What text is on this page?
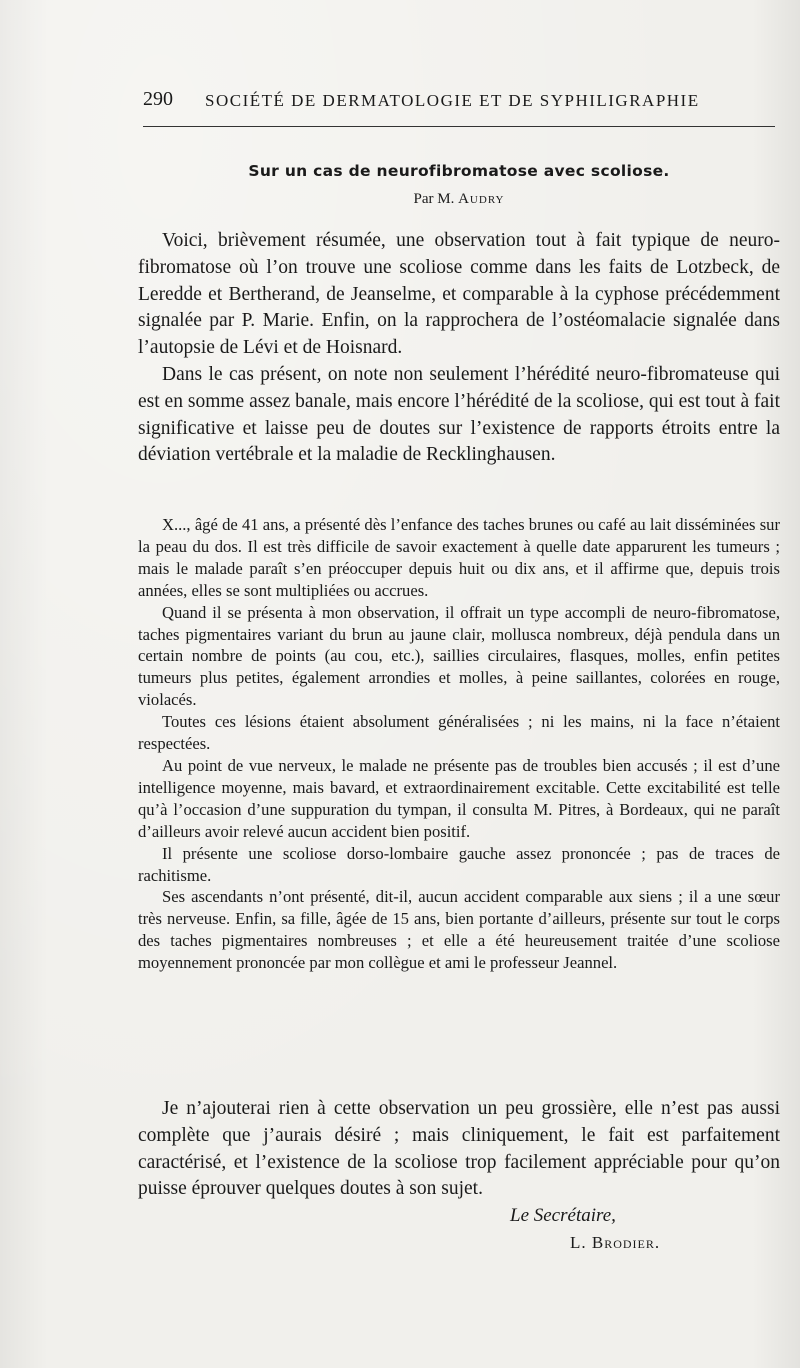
290 SOCIÉTÉ DE DERMATOLOGIE ET DE SYPHILIGRAPHIE
Sur un cas de neurofibromatose avec scoliose.
Par M. Audry

Voici, brièvement résumée, une observation tout à fait typique de neuro-fibromatose où l’on trouve une scoliose comme dans les faits de Lotzbeck, de Leredde et Bertherand, de Jeanselme, et comparable à la cyphose précédemment signalée par P. Marie. Enfin, on la rapprochera de l’ostéomalacie signalée dans l’autopsie de Lévi et de Hoisnard.

Dans le cas présent, on note non seulement l’hérédité neuro-fibromateuse qui est en somme assez banale, mais encore l’hérédité de la scoliose, qui est tout à fait significative et laisse peu de doutes sur l’existence de rapports étroits entre la déviation vertébrale et la maladie de Recklinghausen.

X..., âgé de 41 ans, a présenté dès l’enfance des taches brunes ou café au lait disséminées sur la peau du dos. Il est très difficile de savoir exactement à quelle date apparurent les tumeurs ; mais le malade paraît s’en préoccuper depuis huit ou dix ans, et il affirme que, depuis trois années, elles se sont multipliées ou accrues.

Quand il se présenta à mon observation, il offrait un type accompli de neuro-fibromatose, taches pigmentaires variant du brun au jaune clair, mollusca nombreux, déjà pendula dans un certain nombre de points (au cou, etc.), saillies circulaires, flasques, molles, enfin petites tumeurs plus petites, également arrondies et molles, à peine saillantes, colorées en rouge, violacés.

Toutes ces lésions étaient absolument généralisées ; ni les mains, ni la face n’étaient respectées.

Au point de vue nerveux, le malade ne présente pas de troubles bien accusés ; il est d’une intelligence moyenne, mais bavard, et extraordinairement excitable. Cette excitabilité est telle qu’à l’occasion d’une suppuration du tympan, il consulta M. Pitres, à Bordeaux, qui ne paraît d’ailleurs avoir relevé aucun accident bien positif.

Il présente une scoliose dorso-lombaire gauche assez prononcée ; pas de traces de rachitisme.

Ses ascendants n’ont présenté, dit-il, aucun accident comparable aux siens ; il a une sœur très nerveuse. Enfin, sa fille, âgée de 15 ans, bien portante d’ailleurs, présente sur tout le corps des taches pigmentaires nombreuses ; et elle a été heureusement traitée d’une scoliose moyennement prononcée par mon collègue et ami le professeur Jeannel.

Je n’ajouterai rien à cette observation un peu grossière, elle n’est pas aussi complète que j’aurais désiré ; mais cliniquement, le fait est parfaitement caractérisé, et l’existence de la scoliose trop facilement appréciable pour qu’on puisse éprouver quelques doutes à son sujet.

Le Secrétaire,
L. Brodier.
